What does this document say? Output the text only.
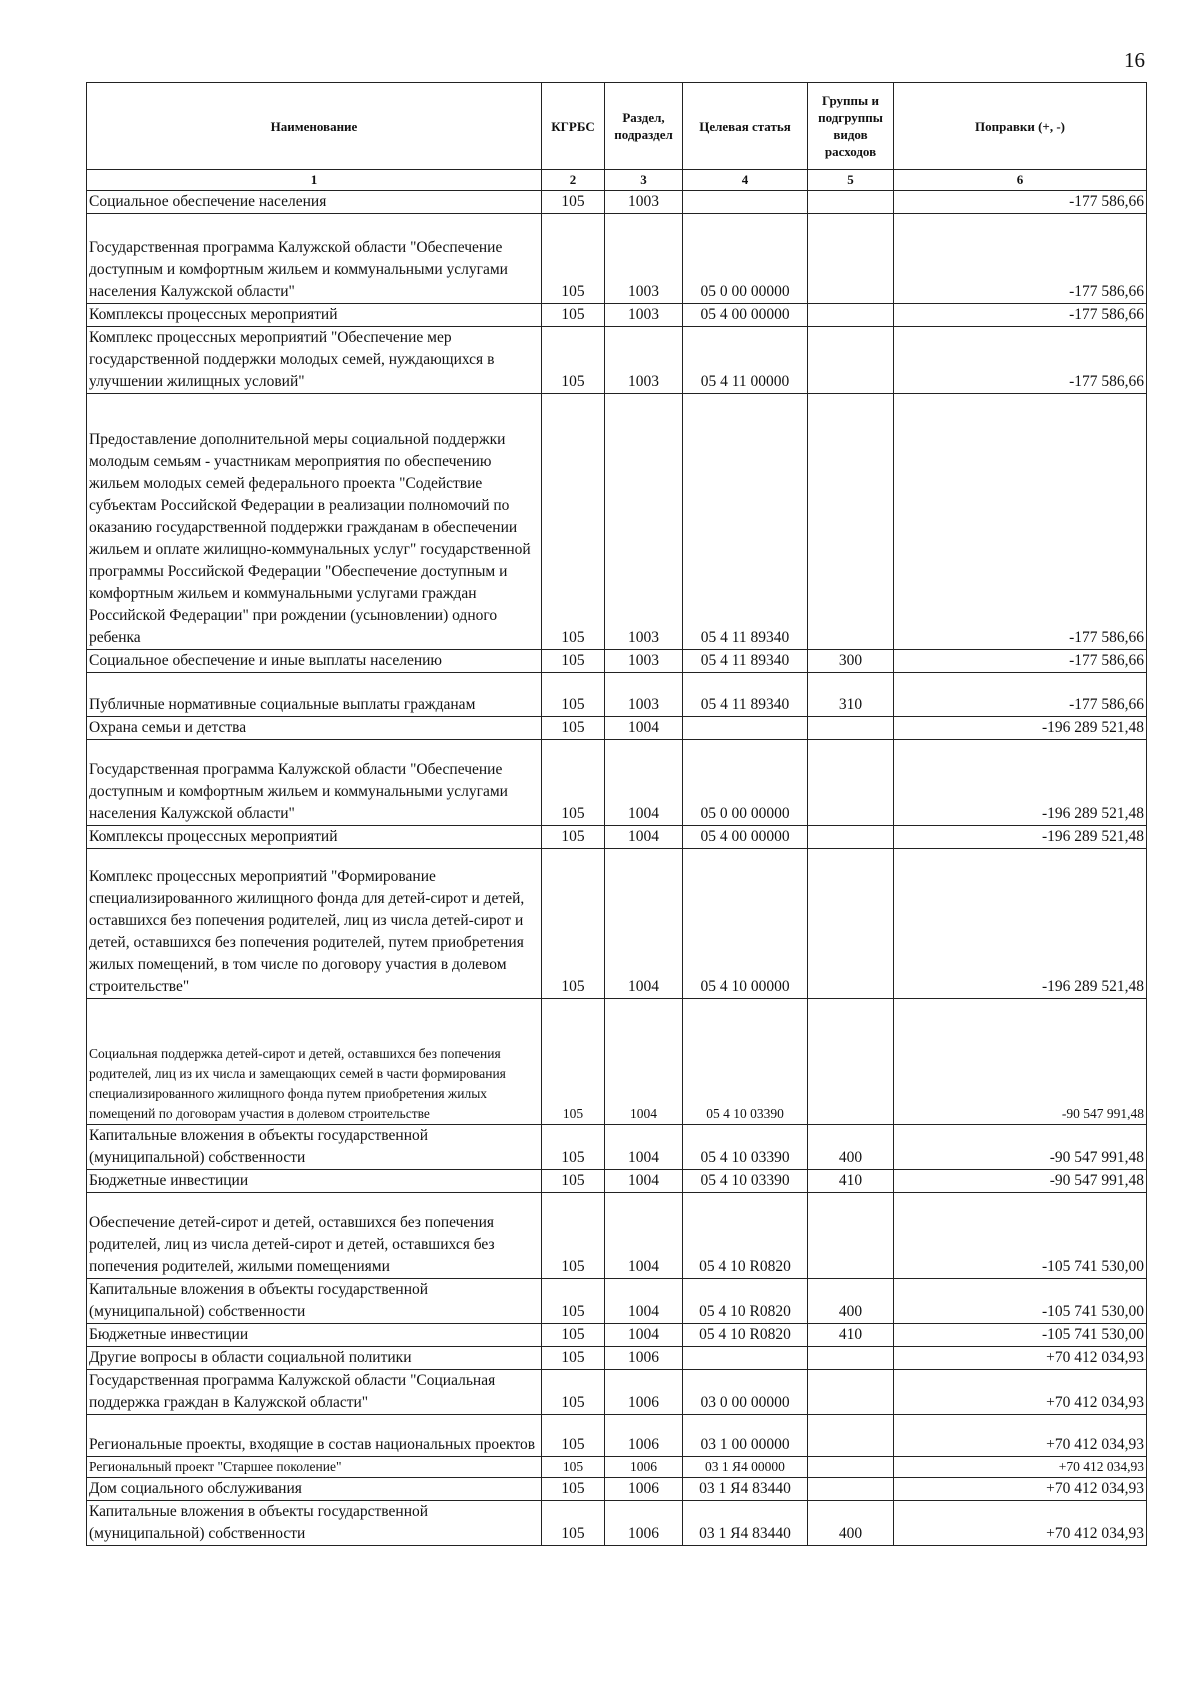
16
Наименование	КГРБС	Раздел, подраздел	Целевая статья	Группы и подгруппы видов расходов	Поправки (+, -)
1	2	3	4	5	6
Социальное обеспечение населения	105	1003			-177 586,66
Государственная программа Калужской области "Обеспечение доступным и комфортным жильем и коммунальными услугами населения Калужской области"	105	1003	05 0 00 00000		-177 586,66
Комплексы процессных мероприятий	105	1003	05 4 00 00000		-177 586,66
Комплекс процессных мероприятий "Обеспечение мер государственной поддержки молодых семей, нуждающихся в улучшении жилищных условий"	105	1003	05 4 11 00000		-177 586,66
Предоставление дополнительной меры социальной поддержки молодым семьям - участникам мероприятия по обеспечению жильем молодых семей федерального проекта "Содействие субъектам Российской Федерации в реализации полномочий по оказанию государственной поддержки гражданам в обеспечении жильем и оплате жилищно-коммунальных услуг" государственной программы Российской Федерации "Обеспечение доступным и комфортным жильем и коммунальными услугами граждан Российской Федерации" при рождении (усыновлении) одного ребенка	105	1003	05 4 11 89340		-177 586,66
Социальное обеспечение и иные выплаты населению	105	1003	05 4 11 89340	300	-177 586,66
Публичные нормативные социальные выплаты гражданам	105	1003	05 4 11 89340	310	-177 586,66
Охрана семьи и детства	105	1004			-196 289 521,48
Государственная программа Калужской области "Обеспечение доступным и комфортным жильем и коммунальными услугами населения Калужской области"	105	1004	05 0 00 00000		-196 289 521,48
Комплексы процессных мероприятий	105	1004	05 4 00 00000		-196 289 521,48
Комплекс процессных мероприятий "Формирование специализированного жилищного фонда для детей-сирот и детей, оставшихся без попечения родителей, лиц из числа детей-сирот и детей, оставшихся без попечения родителей, путем приобретения жилых помещений, в том числе по договору участия в долевом строительстве"	105	1004	05 4 10 00000		-196 289 521,48
Социальная поддержка детей-сирот и детей, оставшихся без попечения родителей, лиц из их числа и замещающих семей в части формирования специализированного жилищного фонда путем приобретения жилых помещений по договорам участия в долевом строительстве	105	1004	05 4 10 03390		-90 547 991,48
Капитальные вложения в объекты государственной (муниципальной) собственности	105	1004	05 4 10 03390	400	-90 547 991,48
Бюджетные инвестиции	105	1004	05 4 10 03390	410	-90 547 991,48
Обеспечение детей-сирот и детей, оставшихся без попечения родителей, лиц из числа детей-сирот и детей, оставшихся без попечения родителей, жилыми помещениями	105	1004	05 4 10 R0820		-105 741 530,00
Капитальные вложения в объекты государственной (муниципальной) собственности	105	1004	05 4 10 R0820	400	-105 741 530,00
Бюджетные инвестиции	105	1004	05 4 10 R0820	410	-105 741 530,00
Другие вопросы в области социальной политики	105	1006			+70 412 034,93
Государственная программа Калужской области "Социальная поддержка граждан в Калужской области"	105	1006	03 0 00 00000		+70 412 034,93
Региональные проекты, входящие в состав национальных проектов	105	1006	03 1 00 00000		+70 412 034,93
Региональный проект "Старшее поколение"	105	1006	03 1 Я4 00000		+70 412 034,93
Дом социального обслуживания	105	1006	03 1 Я4 83440		+70 412 034,93
Капитальные вложения в объекты государственной (муниципальной) собственности	105	1006	03 1 Я4 83440	400	+70 412 034,93
